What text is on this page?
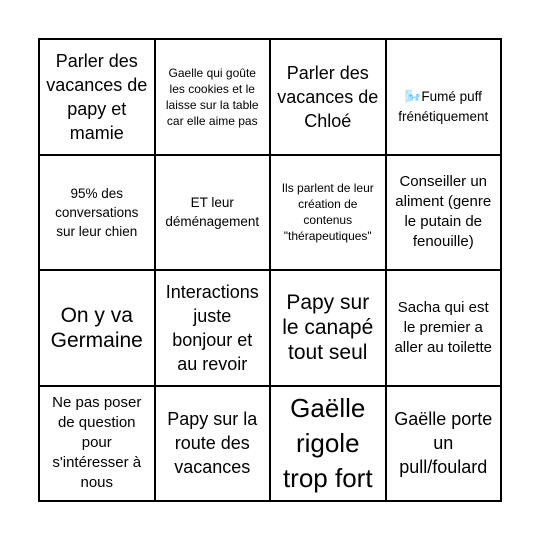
Parler des vacances de papy et mamie
Gaelle qui goûte les cookies et le laisse sur la table car elle aime pas
Parler des vacances de Chloé

🌬️Fumé puff frénétiquement

95% des conversations sur leur chien
ET leur déménagement
Ils parlent de leur création de contenus "thérapeutiques"
Conseiller un aliment (genre le putain de fenouille)
On y va Germaine
Interactions juste bonjour et au revoir
Papy sur le canapé tout seul
Sacha qui est le premier a aller au toilette
Ne pas poser de question pour s'intéresser à nous
Papy sur la route des vacances
Gaëlle rigole trop fort
Gaëlle porte un pull/foulard
